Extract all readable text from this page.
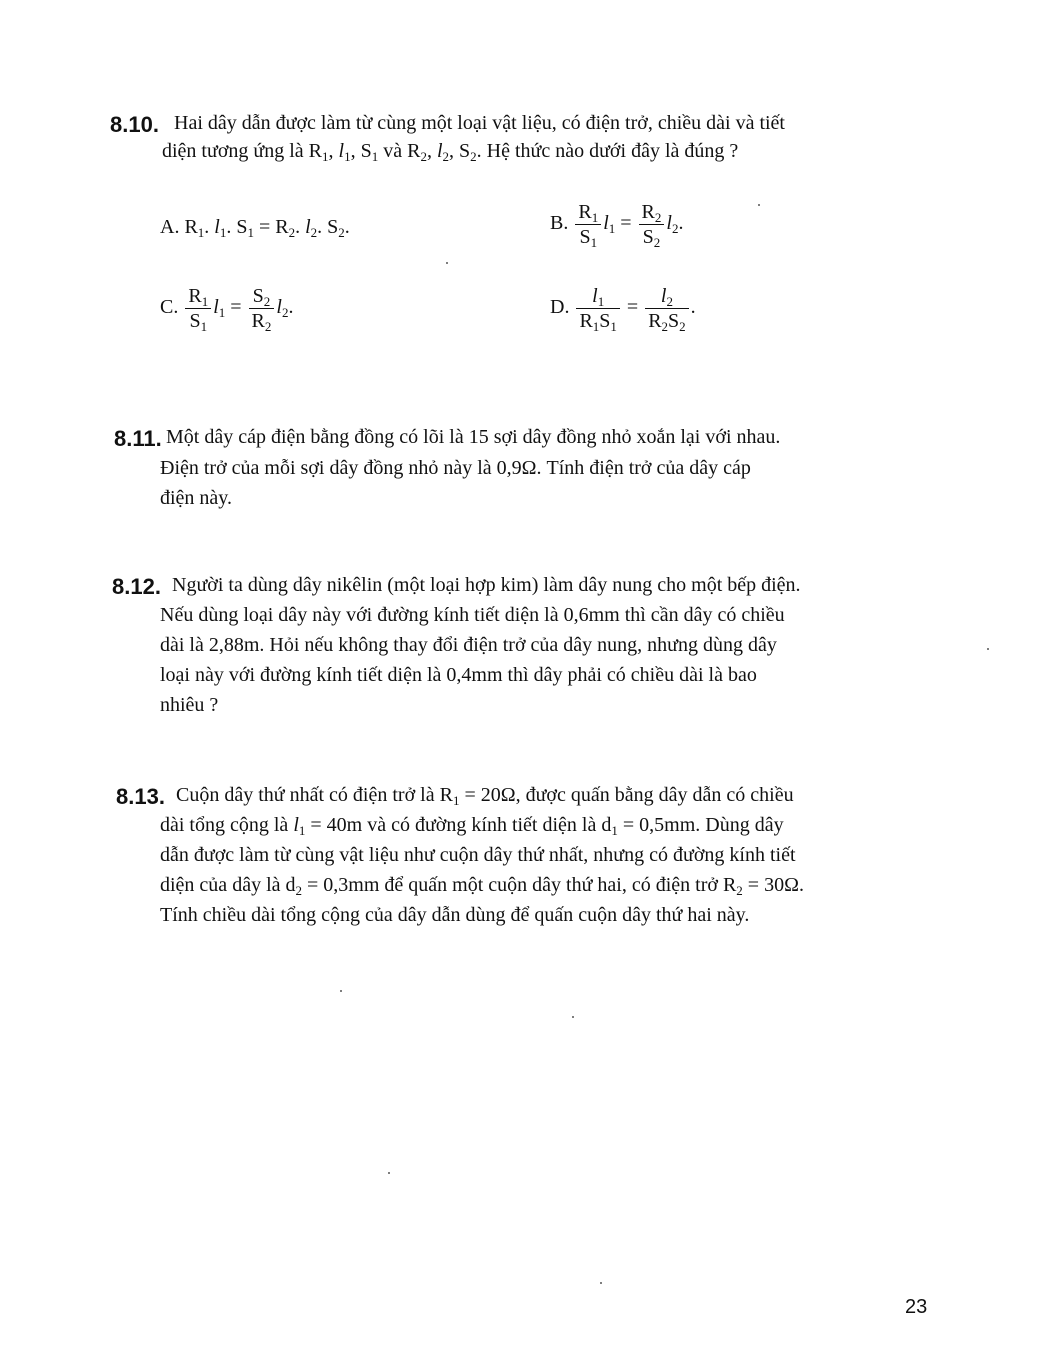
8.10. Hai dây dẫn được làm từ cùng một loại vật liệu, có điện trở, chiều dài và tiết
diện tương ứng là $R_1$, $l_1$, $S_1$ và $R_2$, $l_2$, $S_2$. Hệ thức nào dưới đây là đúng ?
A. $R_1$. $l_1$. $S_1 = R_2$. $l_2$. $S_2$.	B. $\frac{R_1}{S_1} l_1 = \frac{R_2}{S_2} l_2$.
C. $\frac{R_1}{S_1} l_1 = \frac{S_2}{R_2} l_2$.	D. $\frac{l_1}{R_1S_1} = \frac{l_2}{R_2S_2}$ .
8.11. Một dây cáp điện bằng đồng có lõi là 15 sợi dây đồng nhỏ xoắn lại với nhau.
Điện trở của mỗi sợi dây đồng nhỏ này là 0,9Ω. Tính điện trở của dây cáp
điện này.
8.12. Người ta dùng dây nikêlin (một loại hợp kim) làm dây nung cho một bếp điện.
Nếu dùng loại dây này với đường kính tiết diện là 0,6mm thì cần dây có chiều
dài là 2,88m. Hỏi nếu không thay đổi điện trở của dây nung, nhưng dùng dây
loại này với đường kính tiết diện là 0,4mm thì dây phải có chiều dài là bao
nhiêu ?
8.13. Cuộn dây thứ nhất có điện trở là $R_1 = 20\Omega$, được quấn bằng dây dẫn có chiều
dài tổng cộng là $l_1 = 40m$ và có đường kính tiết diện là $d_1 = 0,5mm$. Dùng dây
dẫn được làm từ cùng vật liệu như cuộn dây thứ nhất, nhưng có đường kính tiết
diện của dây là $d_2 = 0,3mm$ để quấn một cuộn dây thứ hai, có điện trở $R_2 = 30\Omega$.
Tính chiều dài tổng cộng của dây dẫn dùng để quấn cuộn dây thứ hai này.
23
